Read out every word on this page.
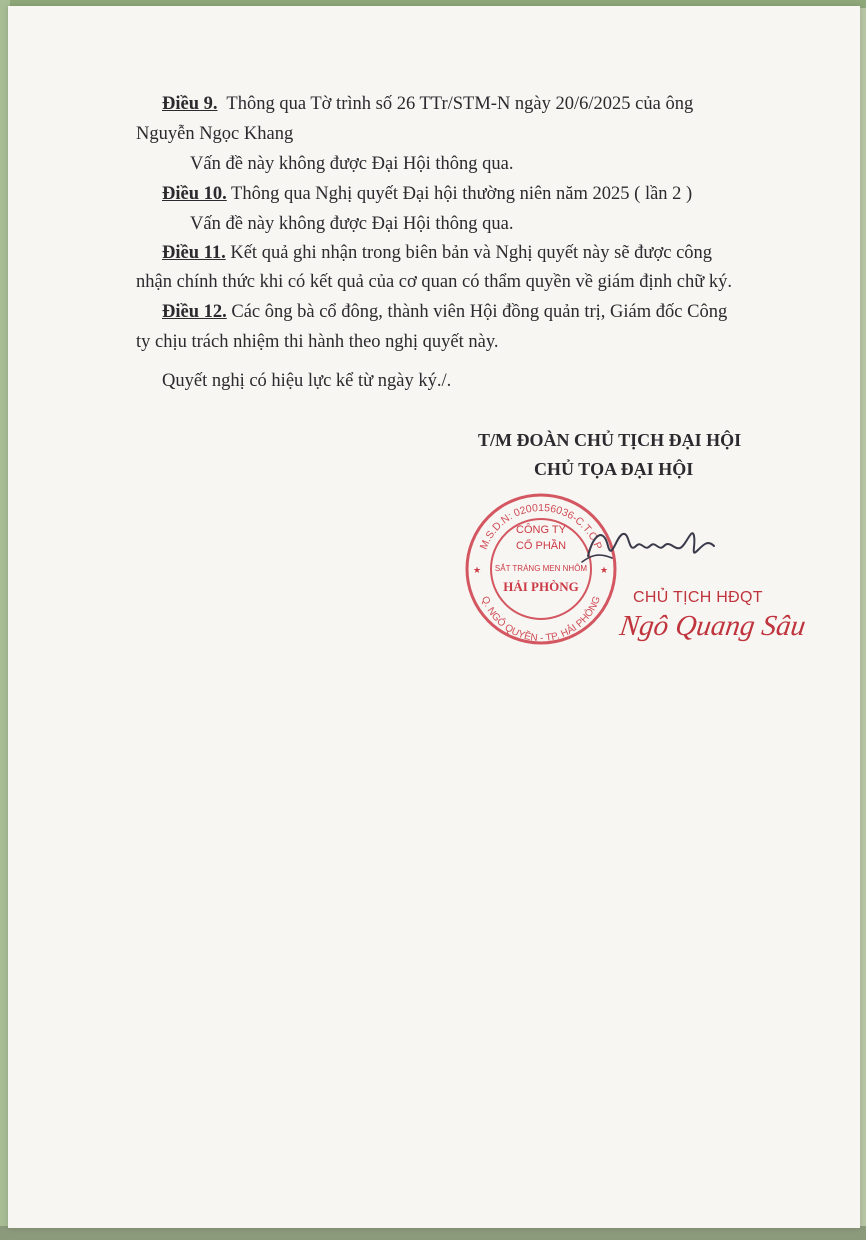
Điều 9. Thông qua Tờ trình số 26 TTr/STM-N ngày 20/6/2025 của ông
Nguyễn Ngọc Khang
Vấn đề này không được Đại Hội thông qua.
Điều 10. Thông qua Nghị quyết Đại hội thường niên năm 2025 ( lần 2 )
Vấn đề này không được Đại Hội thông qua.
Điều 11. Kết quả ghi nhận trong biên bản và Nghị quyết này sẽ được công
nhận chính thức khi có kết quả của cơ quan có thẩm quyền về giám định chữ ký.
Điều 12. Các ông bà cổ đông, thành viên Hội đồng quản trị, Giám đốc Công
ty chịu trách nhiệm thi hành theo nghị quyết này.
Quyết nghị có hiệu lực kể từ ngày ký./.
T/M ĐOÀN CHỦ TỊCH ĐẠI HỘI
CHỦ TỌA ĐẠI HỘI
M.S.D.N: 0200156036-C.T.C.P
Q. NGÔ QUYỀN - TP. HẢI PHÒNG
★	★
CÔNG TY
CỔ PHẦN
SẮT TRÁNG MEN NHÔM
HẢI PHÒNG
CHỦ TỊCH HĐQT
Ngô Quang Sâu
